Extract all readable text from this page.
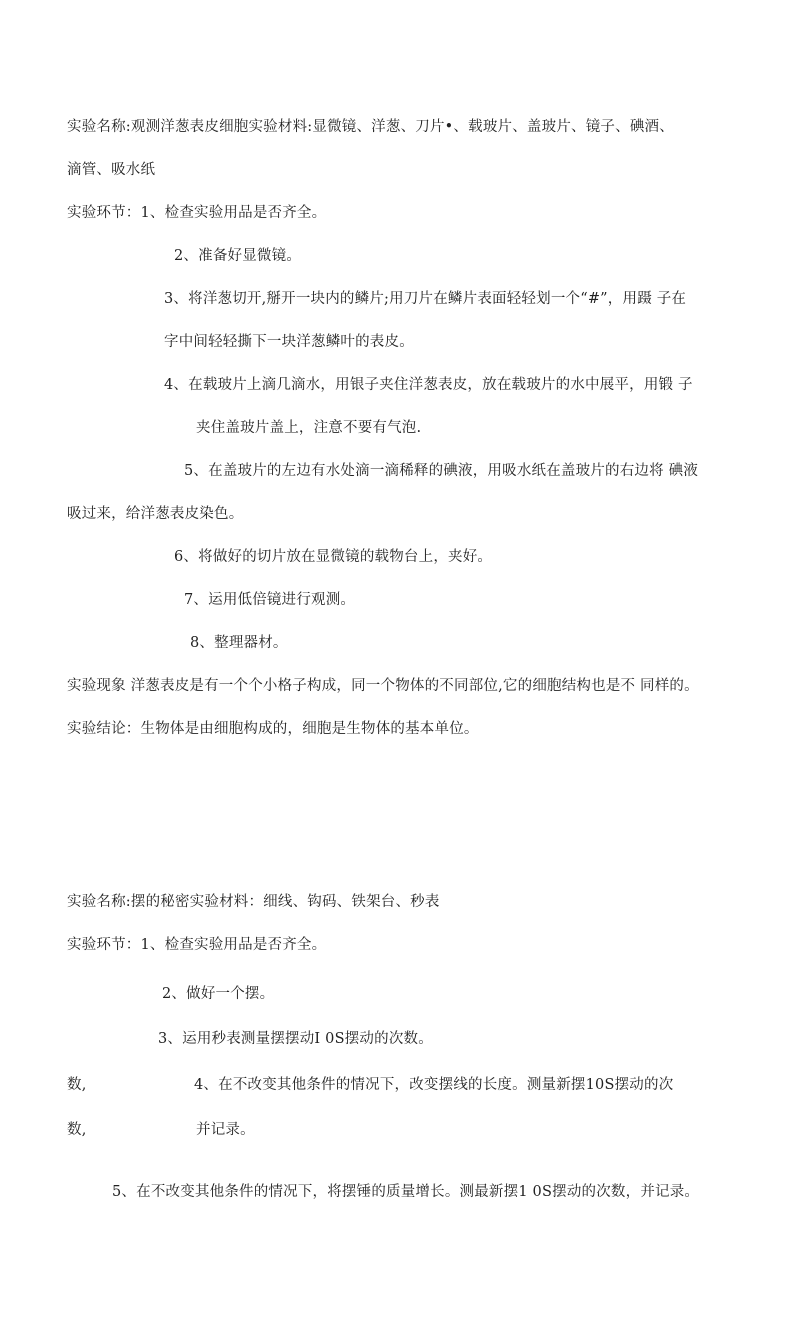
实验名称:观测洋葱表皮细胞实验材料:显微镜、洋葱、刀片•、载玻片、盖玻片、镜子、碘酒、
滴管、吸水纸
实验环节：1、检查实验用品是否齐全。
2、准备好显微镜。
3、将洋葱切开,掰开一块内的鳞片;用刀片在鳞片表面轻轻划一个“#”，用蹑 子在
字中间轻轻撕下一块洋葱鳞叶的表皮。
4、在载玻片上滴几滴水，用银子夹住洋葱表皮，放在载玻片的水中展平，用锻 子
夹住盖玻片盖上，注意不要有气泡.
5、在盖玻片的左边有水处滴一滴稀释的碘液，用吸水纸在盖玻片的右边将 碘液
吸过来，给洋葱表皮染色。
6、将做好的切片放在显微镜的载物台上，夹好。
7、运用低倍镜进行观测。
8、整理器材。
实验现象 洋葱表皮是有一个个小格子构成，同一个物体的不同部位,它的细胞结构也是不 同样的。
实验结论：生物体是由细胞构成的，细胞是生物体的基本单位。
实验名称:摆的秘密实验材料：细线、钩码、铁架台、秒表
实验环节：1、检查实验用品是否齐全。
2、做好一个摆。
3、运用秒表测量摆摆动I 0S摆动的次数。
数,	4、在不改变其他条件的情况下，改变摆线的长度。测量新摆10S摆动的次
数,	并记录。
5、在不改变其他条件的情况下，将摆锤的质量增长。测最新摆1 0S摆动的次数，并记录。
